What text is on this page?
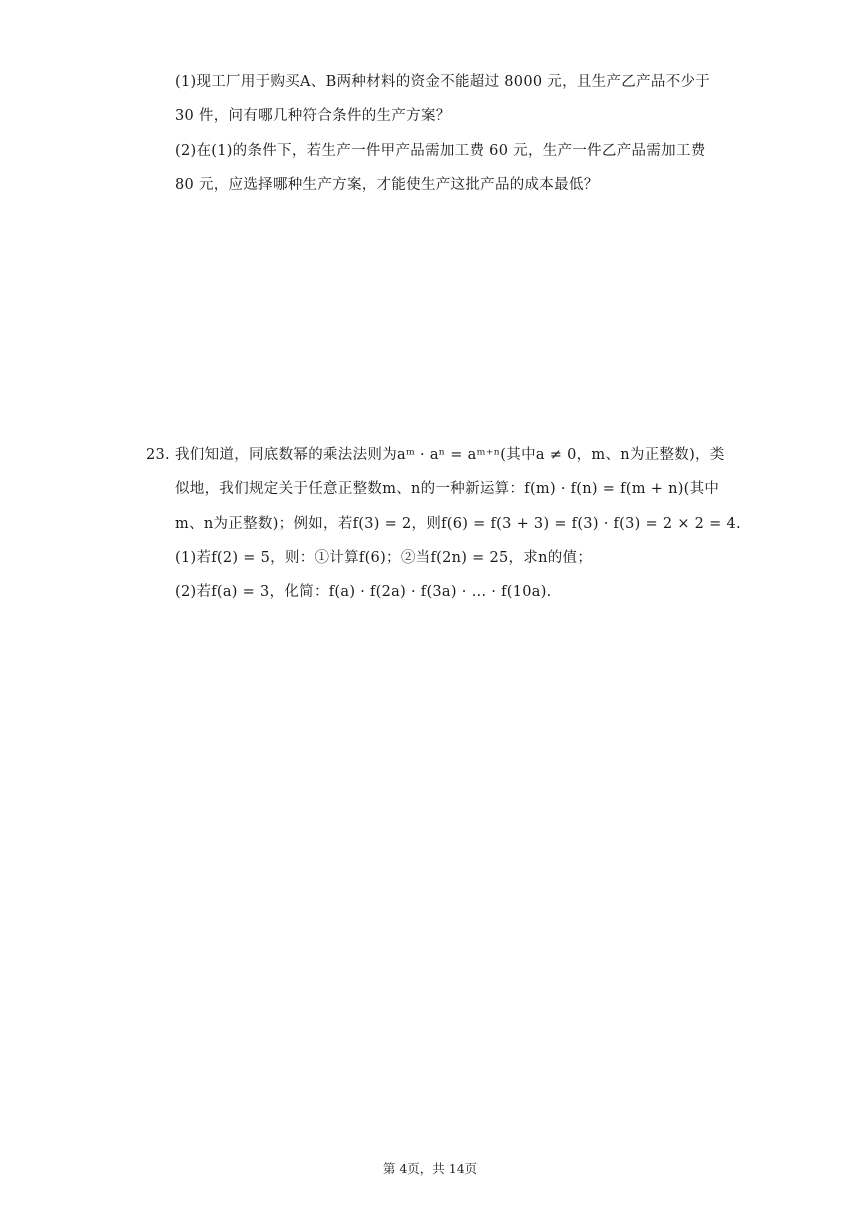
(1)现工厂用于购买A、B两种材料的资金不能超过 8000 元，且生产乙产品不少于
30 件，问有哪几种符合条件的生产方案？
(2)在(1)的条件下，若生产一件甲产品需加工费 60 元，生产一件乙产品需加工费
80 元，应选择哪种生产方案，才能使生产这批产品的成本最低？
23. 我们知道，同底数幂的乘法法则为aᵐ · aⁿ = aᵐ⁺ⁿ(其中a ≠ 0，m、n为正整数)，类
似地，我们规定关于任意正整数m、n的一种新运算：f(m) · f(n) = f(m + n)(其中
m、n为正整数)；例如，若f(3) = 2，则f(6) = f(3 + 3) = f(3) · f(3) = 2 × 2 = 4.
(1)若f(2) = 5，则：①计算f(6)；②当f(2n) = 25，求n的值；
(2)若f(a) = 3，化简：f(a) · f(2a) · f(3a) · … · f(10a).
第 4页，共 14页
